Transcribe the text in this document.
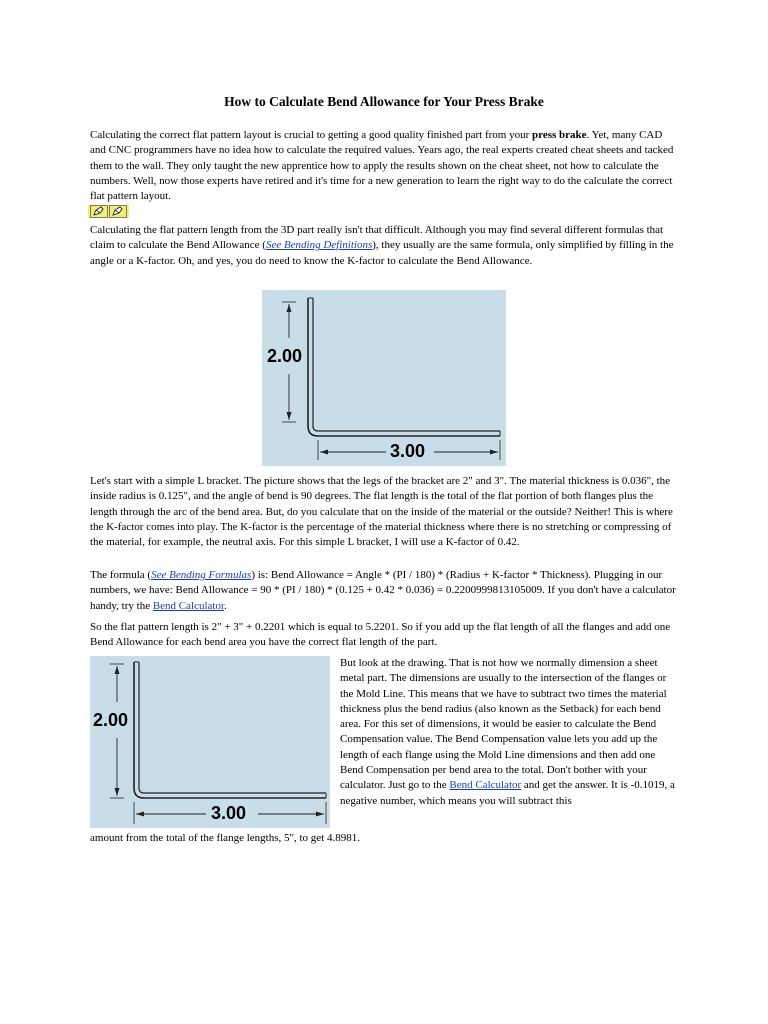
How to Calculate Bend Allowance for Your Press Brake
Calculating the correct flat pattern layout is crucial to getting a good quality finished part from your press brake. Yet, many CAD and CNC programmers have no idea how to calculate the required values. Years ago, the real experts created cheat sheets and tacked them to the wall. They only taught the new apprentice how to apply the results shown on the cheat sheet, not how to calculate the numbers. Well, now those experts have retired and it's time for a new generation to learn the right way to do the calculate the correct flat pattern layout.
Calculating the flat pattern length from the 3D part really isn't that difficult. Although you may find several different formulas that claim to calculate the Bend Allowance (See Bending Definitions), they usually are the same formula, only simplified by filling in the angle or a K-factor. Oh, and yes, you do need to know the K-factor to calculate the Bend Allowance.
2.00
3.00
Let's start with a simple L bracket. The picture shows that the legs of the bracket are 2" and 3". The material thickness is 0.036", the inside radius is 0.125", and the angle of bend is 90 degrees. The flat length is the total of the flat portion of both flanges plus the length through the arc of the bend area. But, do you calculate that on the inside of the material or the outside? Neither! This is where the K-factor comes into play. The K-factor is the percentage of the material thickness where there is no stretching or compressing of the material, for example, the neutral axis. For this simple L bracket, I will use a K-factor of 0.42.
The formula (See Bending Formulas) is: Bend Allowance = Angle * (PI / 180) * (Radius + K-factor * Thickness). Plugging in our numbers, we have: Bend Allowance = 90 * (PI / 180) * (0.125 + 0.42 * 0.036) = 0.2200999813105009. If you don't have a calculator handy, try the Bend Calculator.
So the flat pattern length is 2" + 3" + 0.2201 which is equal to 5.2201. So if you add up the flat length of all the flanges and add one Bend Allowance for each bend area you have the correct flat length of the part.
2.00
3.00
But look at the drawing. That is not how we normally dimension a sheet metal part. The dimensions are usually to the intersection of the flanges or the Mold Line. This means that we have to subtract two times the material thickness plus the bend radius (also known as the Setback) for each bend area. For this set of dimensions, it would be easier to calculate the Bend Compensation value. The Bend Compensation value lets you add up the length of each flange using the Mold Line dimensions and then add one Bend Compensation per bend area to the total. Don't bother with your calculator. Just go to the Bend Calculator and get the answer. It is -0.1019, a negative number, which means you will subtract this
amount from the total of the flange lengths, 5", to get 4.8981.
